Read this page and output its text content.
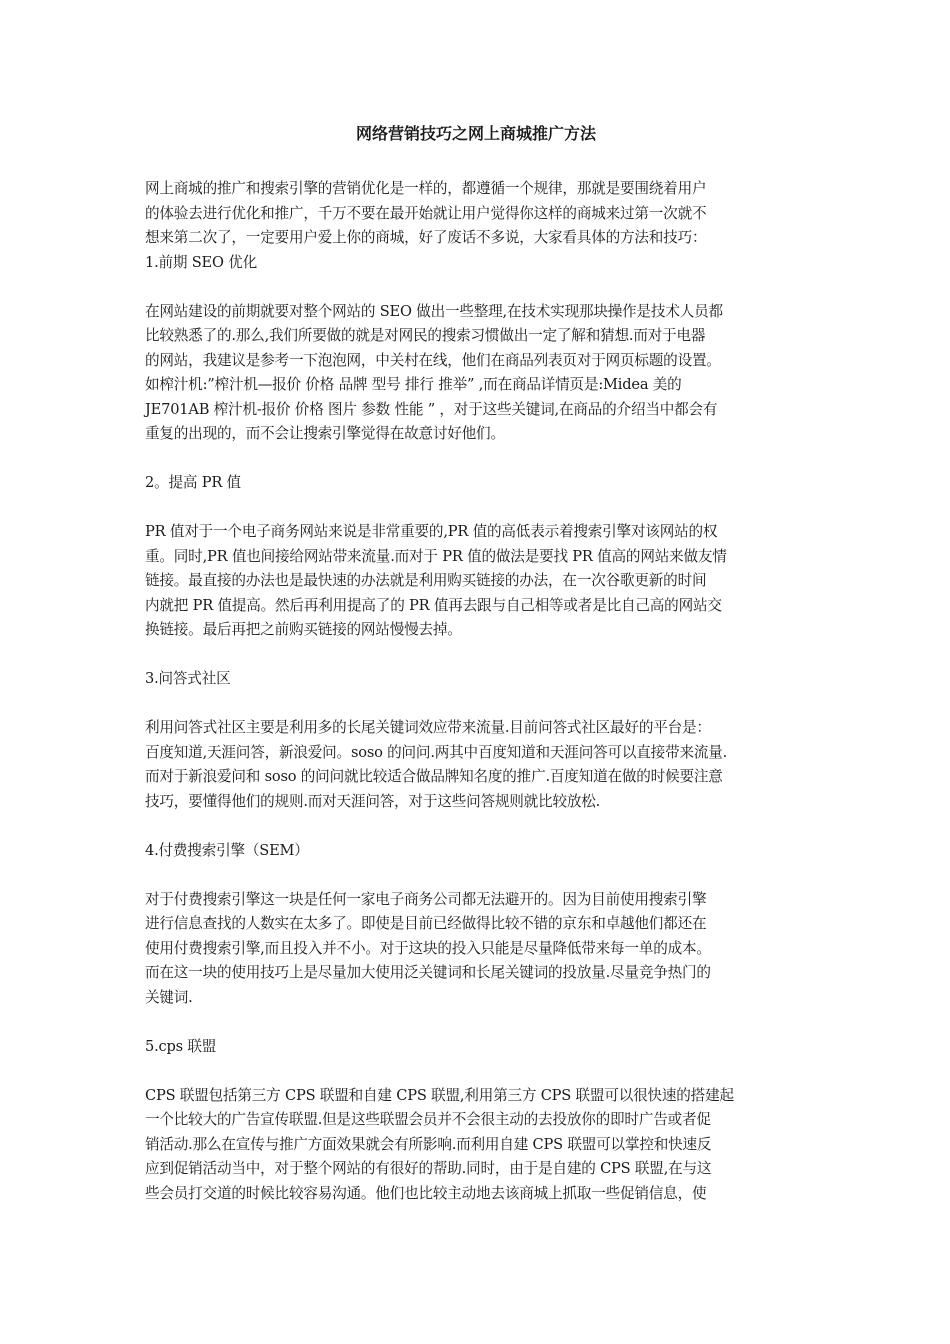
网络营销技巧之网上商城推广方法

网上商城的推广和搜索引擎的营销优化是一样的，都遵循一个规律，那就是要围绕着用户
的体验去进行优化和推广，千万不要在最开始就让用户觉得你这样的商城来过第一次就不
想来第二次了，一定要用户爱上你的商城，好了废话不多说，大家看具体的方法和技巧：

1.前期 SEO 优化

在网站建设的前期就要对整个网站的 SEO 做出一些整理,在技术实现那块操作是技术人员都
比较熟悉了的.那么,我们所要做的就是对网民的搜索习惯做出一定了解和猜想.而对于电器
的网站，我建议是参考一下泡泡网，中关村在线，他们在商品列表页对于网页标题的设置。
如榨汁机:”榨汁机—报价 价格 品牌 型号 排行 推举” ,而在商品详情页是:Midea 美的
JE701AB 榨汁机-报价 价格 图片 参数 性能 ” ，对于这些关键词,在商品的介绍当中都会有
重复的出现的，而不会让搜索引擎觉得在故意讨好他们。

2。提高 PR 值

PR 值对于一个电子商务网站来说是非常重要的,PR 值的高低表示着搜索引擎对该网站的权
重。同时,PR 值也间接给网站带来流量.而对于 PR 值的做法是要找 PR 值高的网站来做友情
链接。最直接的办法也是最快速的办法就是利用购买链接的办法，在一次谷歌更新的时间
内就把 PR 值提高。然后再利用提高了的 PR 值再去跟与自己相等或者是比自己高的网站交
换链接。最后再把之前购买链接的网站慢慢去掉。

3.问答式社区

利用问答式社区主要是利用多的长尾关键词效应带来流量.目前问答式社区最好的平台是：
百度知道,天涯问答，新浪爱问。soso 的问问.两其中百度知道和天涯问答可以直接带来流量.
而对于新浪爱问和 soso 的问问就比较适合做品牌知名度的推广.百度知道在做的时候要注意
技巧，要懂得他们的规则.而对天涯问答，对于这些问答规则就比较放松.

4.付费搜索引擎（SEM）

对于付费搜索引擎这一块是任何一家电子商务公司都无法避开的。因为目前使用搜索引擎
进行信息查找的人数实在太多了。即使是目前已经做得比较不错的京东和卓越他们都还在
使用付费搜索引擎,而且投入并不小。对于这块的投入只能是尽量降低带来每一单的成本。
而在这一块的使用技巧上是尽量加大使用泛关键词和长尾关键词的投放量.尽量竞争热门的
关键词.

5.cps 联盟

CPS 联盟包括第三方 CPS 联盟和自建 CPS 联盟,利用第三方 CPS 联盟可以很快速的搭建起
一个比较大的广告宣传联盟.但是这些联盟会员并不会很主动的去投放你的即时广告或者促
销活动.那么在宣传与推广方面效果就会有所影响.而利用自建 CPS 联盟可以掌控和快速反
应到促销活动当中，对于整个网站的有很好的帮助.同时，由于是自建的 CPS 联盟,在与这
些会员打交道的时候比较容易沟通。他们也比较主动地去该商城上抓取一些促销信息，使
